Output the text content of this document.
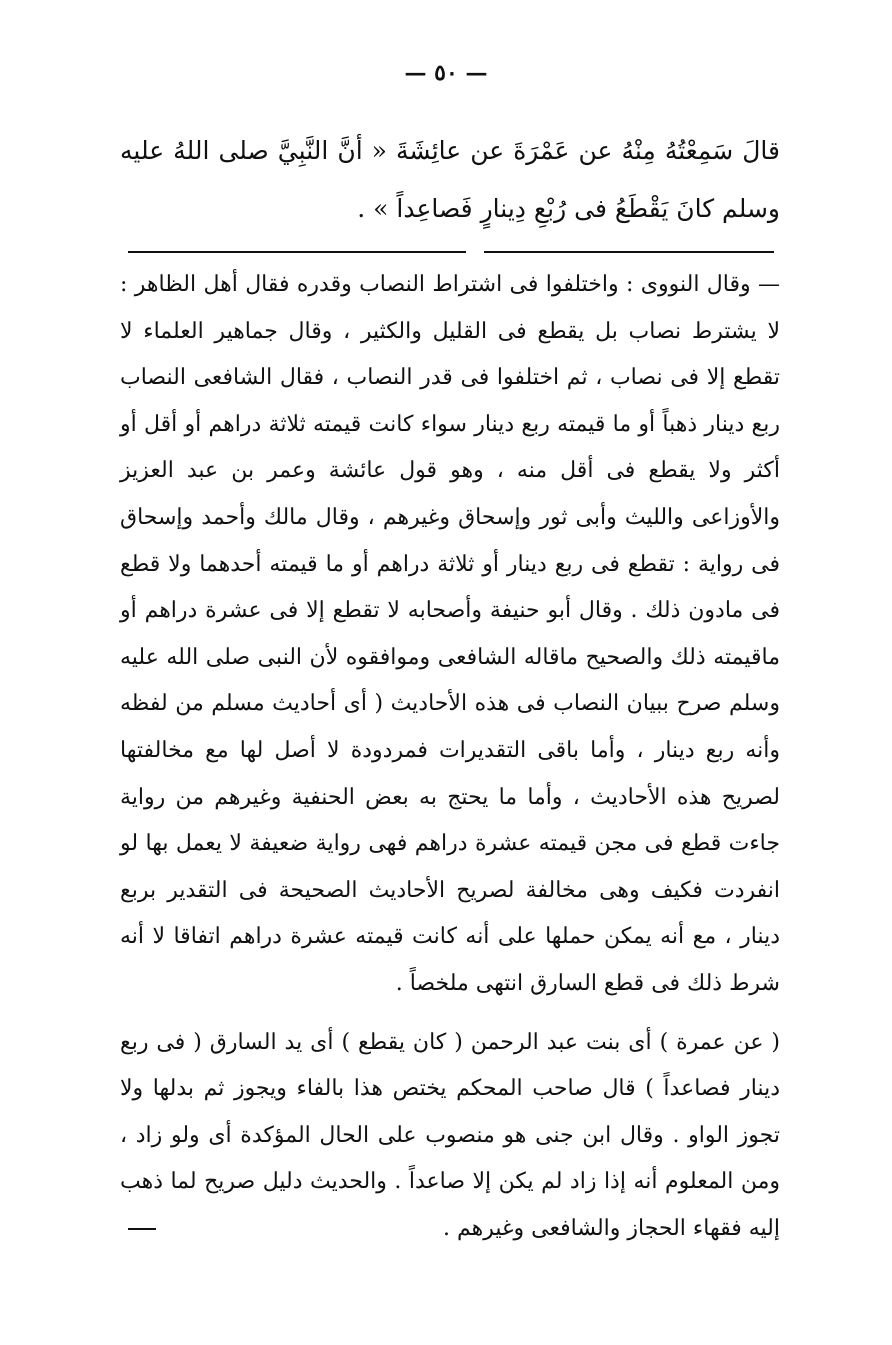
— ٥٠ —
قالَ سَمِعْتُهُ مِنْهُ عن عَمْرَةَ عن عائِشَةَ « أنَّ النَّبِيَّ صلى اللهُ عليه وسلم كانَ يَقْطَعُ فى رُبْعِ دِينارٍ فَصاعِداً » .

— وقال النووى : واختلفوا فى اشتراط النصاب وقدره فقال أهل الظاهر : لا يشترط نصاب بل يقطع فى القليل والكثير ، وقال جماهير العلماء لا تقطع إلا فى نصاب ، ثم اختلفوا فى قدر النصاب ، فقال الشافعى النصاب ربع دينار ذهباً أو ما قيمته ربع دينار سواء كانت قيمته ثلاثة دراهم أو أقل أو أكثر ولا يقطع فى أقل منه ، وهو قول عائشة وعمر بن عبد العزيز والأوزاعى والليث وأبى ثور وإسحاق وغيرهم ، وقال مالك وأحمد وإسحاق فى رواية : تقطع فى ربع دينار أو ثلاثة دراهم أو ما قيمته أحدهما ولا قطع فى مادون ذلك . وقال أبو حنيفة وأصحابه لا تقطع إلا فى عشرة دراهم أو ماقيمته ذلك والصحيح ماقاله الشافعى وموافقوه لأن النبى صلى الله عليه وسلم صرح ببيان النصاب فى هذه الأحاديث ( أى أحاديث مسلم من لفظه وأنه ربع دينار ، وأما باقى التقديرات فمردودة لا أصل لها مع مخالفتها لصريح هذه الأحاديث ، وأما ما يحتج به بعض الحنفية وغيرهم من رواية جاءت قطع فى مجن قيمته عشرة دراهم فهى رواية ضعيفة لا يعمل بها لو انفردت فكيف وهى مخالفة لصريح الأحاديث الصحيحة فى التقدير بربع دينار ، مع أنه يمكن حملها على أنه كانت قيمته عشرة دراهم اتفاقا لا أنه شرط ذلك فى قطع السارق انتهى ملخصاً .

( عن عمرة ) أى بنت عبد الرحمن ( كان يقطع ) أى يد السارق ( فى ربع دينار فصاعداً ) قال صاحب المحكم يختص هذا بالفاء ويجوز ثم بدلها ولا تجوز الواو . وقال ابن جنى هو منصوب على الحال المؤكدة أى ولو زاد ، ومن المعلوم أنه إذا زاد لم يكن إلا صاعداً . والحديث دليل صريح لما ذهب إليه فقهاء الحجاز والشافعى وغيرهم .
